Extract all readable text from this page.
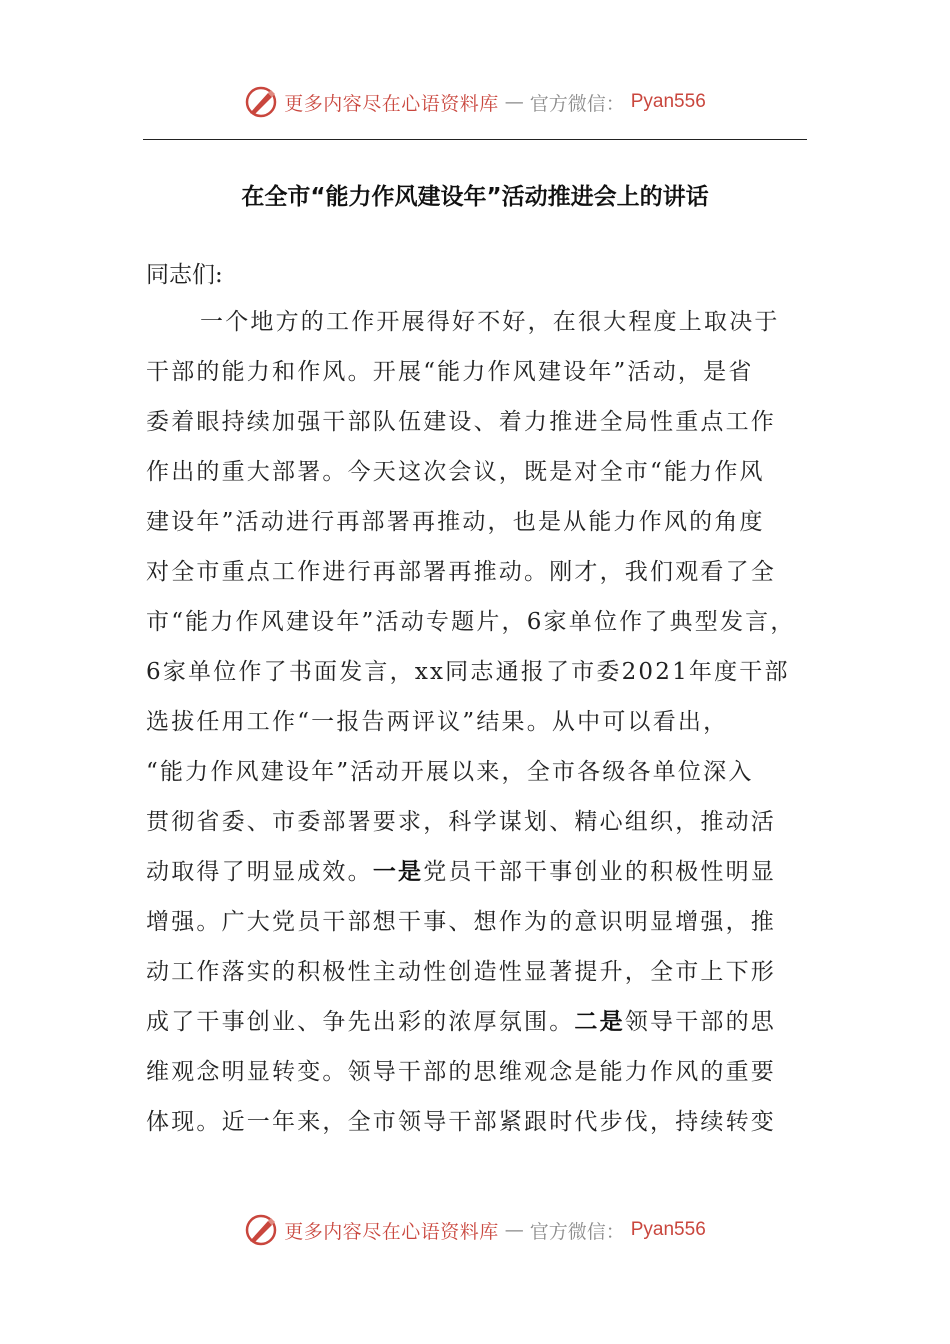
更多内容尽在心语资料库 — 官方微信： Pyan556
在全市“能力作风建设年”活动推进会上的讲话
同志们:
一个地方的工作开展得好不好，在很大程度上取决于
干部的能力和作风。开展“能力作风建设年”活动，是省
委着眼持续加强干部队伍建设、着力推进全局性重点工作
作出的重大部署。今天这次会议，既是对全市“能力作风
建设年”活动进行再部署再推动，也是从能力作风的角度
对全市重点工作进行再部署再推动。刚才，我们观看了全
市“能力作风建设年”活动专题片，6家单位作了典型发言，
6家单位作了书面发言，xx同志通报了市委2021年度干部
选拔任用工作“一报告两评议”结果。从中可以看出，
“能力作风建设年”活动开展以来，全市各级各单位深入
贯彻省委、市委部署要求，科学谋划、精心组织，推动活
动取得了明显成效。一是党员干部干事创业的积极性明显
增强。广大党员干部想干事、想作为的意识明显增强，推
动工作落实的积极性主动性创造性显著提升，全市上下形
成了干事创业、争先出彩的浓厚氛围。二是领导干部的思
维观念明显转变。领导干部的思维观念是能力作风的重要
体现。近一年来，全市领导干部紧跟时代步伐，持续转变
更多内容尽在心语资料库 — 官方微信： Pyan556
